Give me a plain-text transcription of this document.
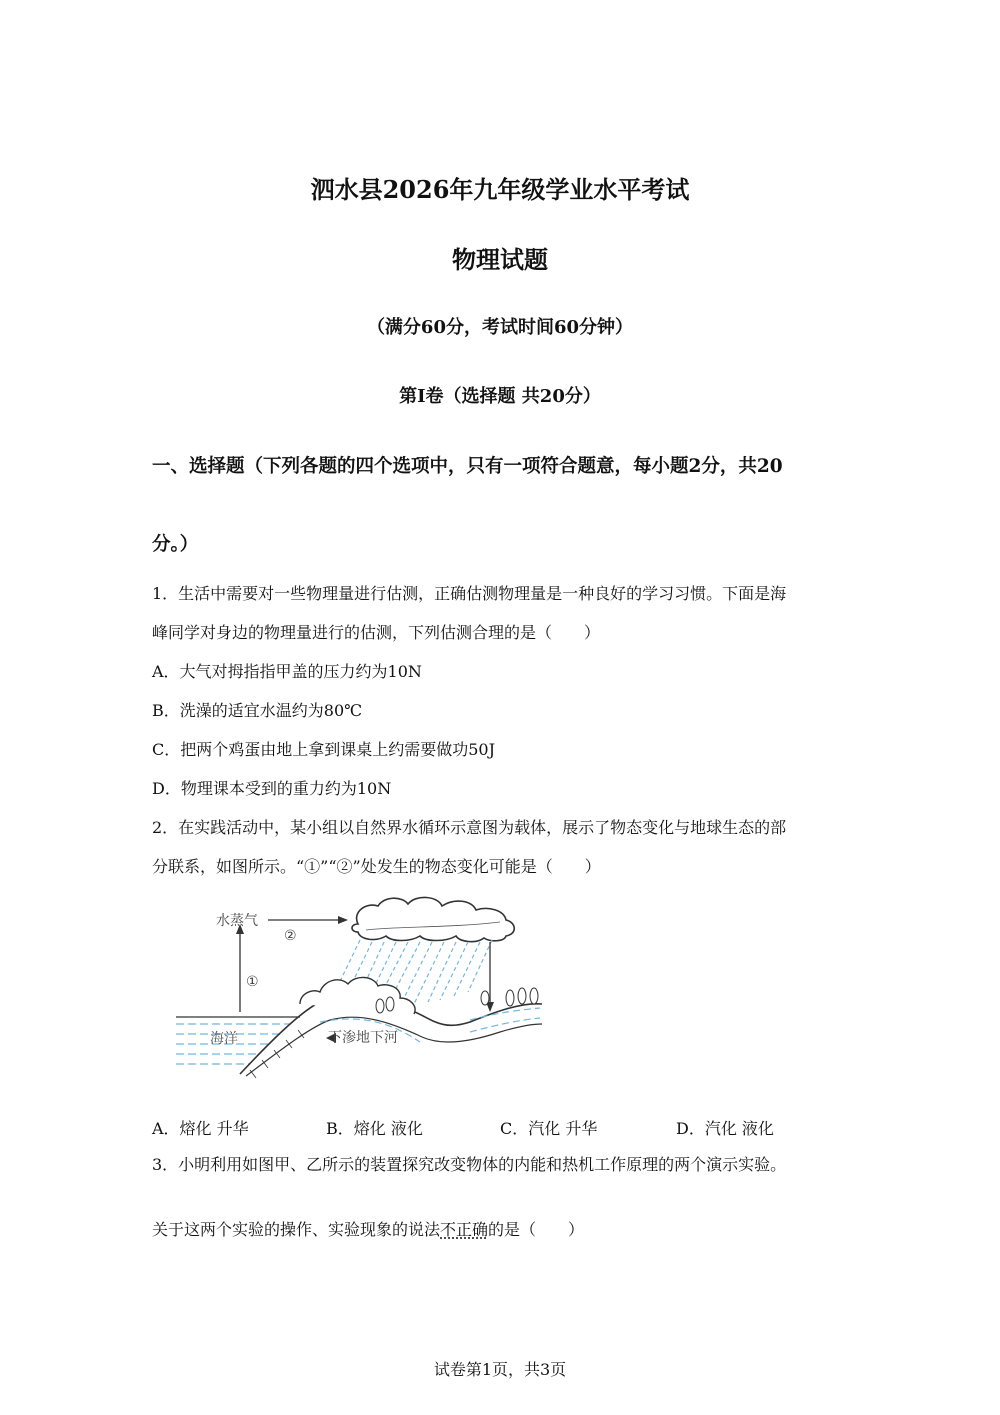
泗水县2026年九年级学业水平考试
物理试题
（满分60分，考试时间60分钟）
第Ⅰ卷（选择题 共20分）
一、选择题（下列各题的四个选项中，只有一项符合题意，每小题2分，共20
分。）
1．生活中需要对一些物理量进行估测，正确估测物理量是一种良好的学习习惯。下面是海
峰同学对身边的物理量进行的估测，下列估测合理的是（　　）
A．大气对拇指指甲盖的压力约为10N
B．洗澡的适宜水温约为80℃
C．把两个鸡蛋由地上拿到课桌上约需要做功50J
D．物理课本受到的重力约为10N
2．在实践活动中，某小组以自然界水循环示意图为载体，展示了物态变化与地球生态的部
分联系，如图所示。“①”“②”处发生的物态变化可能是（　　）
水蒸气
①
②
海洋	下渗地下河
A．熔化 升华	B．熔化 液化	C．汽化 升华	D．汽化 液化
3．小明利用如图甲、乙所示的装置探究改变物体的内能和热机工作原理的两个演示实验。
关于这两个实验的操作、实验现象的说法不正确的是（　　）
试卷第1页，共3页
